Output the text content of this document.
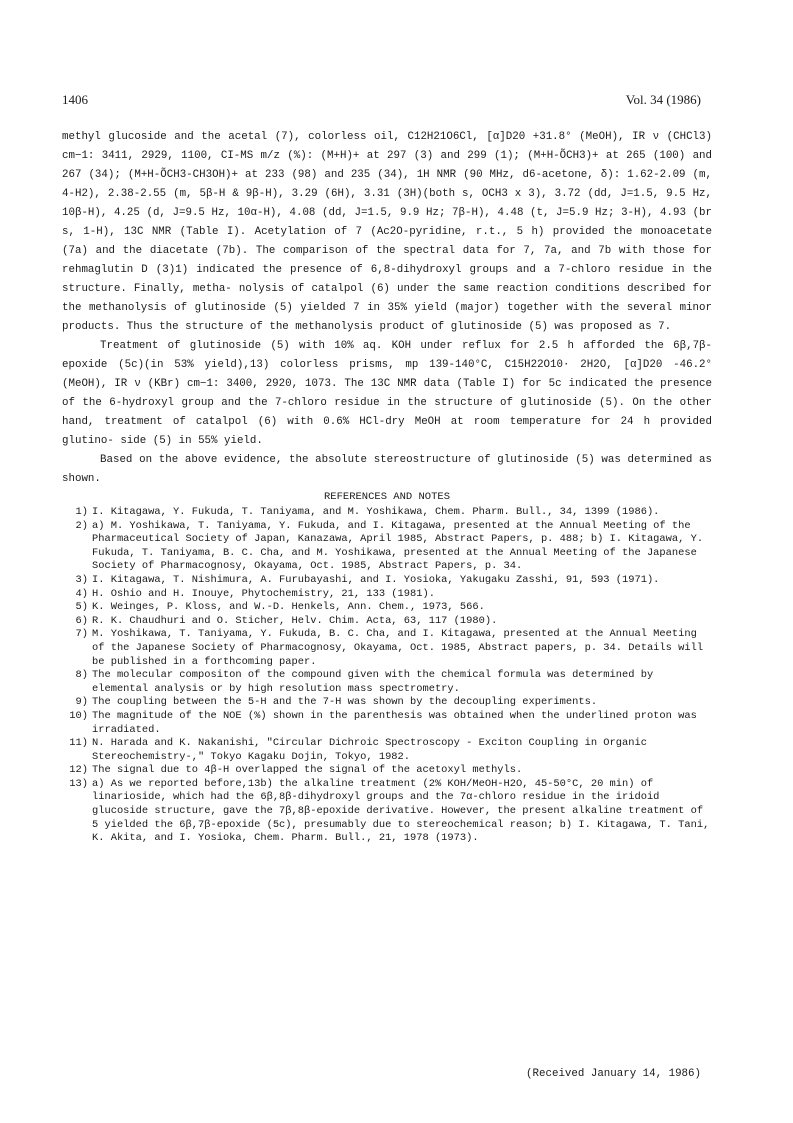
1406	Vol. 34 (1986)

methyl glucoside and the acetal (7), colorless oil, C12H21O6Cl, [α]D20 +31.8° (MeOH), IR ν (CHCl3) cm−1: 3411, 2929, 1100, CI-MS m/z (%): (M+H)+ at 297 (3) and 299 (1); (M+H-ÕCH3)+ at 265 (100) and 267 (34); (M+H-ÕCH3-CH3OH)+ at 233 (98) and 235 (34), 1H NMR (90 MHz, d6-acetone, δ): 1.62-2.09 (m, 4-H2), 2.38-2.55 (m, 5β-H & 9β-H), 3.29 (6H), 3.31 (3H)(both s, OCH3 x 3), 3.72 (dd, J=1.5, 9.5 Hz, 10β-H), 4.25 (d, J=9.5 Hz, 10α-H), 4.08 (dd, J=1.5, 9.9 Hz; 7β-H), 4.48 (t, J=5.9 Hz; 3-H), 4.93 (br s, 1-H), 13C NMR (Table I). Acetylation of 7 (Ac2O-pyridine, r.t., 5 h) provided the monoacetate (7a) and the diacetate (7b). The comparison of the spectral data for 7, 7a, and 7b with those for rehmaglutin D (3)1) indicated the presence of 6,8-dihydroxyl groups and a 7-chloro residue in the structure. Finally, metha- nolysis of catalpol (6) under the same reaction conditions described for the methanolysis of glutinoside (5) yielded 7 in 35% yield (major) together with the several minor products. Thus the structure of the methanolysis product of glutinoside (5) was proposed as 7.

Treatment of glutinoside (5) with 10% aq. KOH under reflux for 2.5 h afforded the 6β,7β-epoxide (5c)(in 53% yield),13) colorless prisms, mp 139-140°C, C15H22O10· 2H2O, [α]D20 -46.2° (MeOH), IR ν (KBr) cm−1: 3400, 2920, 1073. The 13C NMR data (Table I) for 5c indicated the presence of the 6-hydroxyl group and the 7-chloro residue in the structure of glutinoside (5). On the other hand, treatment of catalpol (6) with 0.6% HCl-dry MeOH at room temperature for 24 h provided glutino- side (5) in 55% yield.

Based on the above evidence, the absolute stereostructure of glutinoside (5) was determined as shown.

REFERENCES AND NOTES
1) I. Kitagawa, Y. Fukuda, T. Taniyama, and M. Yoshikawa, Chem. Pharm. Bull., 34, 1399 (1986).
2) a) M. Yoshikawa, T. Taniyama, Y. Fukuda, and I. Kitagawa, presented at the Annual Meeting of the Pharmaceutical Society of Japan, Kanazawa, April 1985, Abstract Papers, p. 488; b) I. Kitagawa, Y. Fukuda, T. Taniyama, B. C. Cha, and M. Yoshikawa, presented at the Annual Meeting of the Japanese Society of Pharmacognosy, Okayama, Oct. 1985, Abstract Papers, p. 34.
3) I. Kitagawa, T. Nishimura, A. Furubayashi, and I. Yosioka, Yakugaku Zasshi, 91, 593 (1971).
4) H. Oshio and H. Inouye, Phytochemistry, 21, 133 (1981).
5) K. Weinges, P. Kloss, and W.-D. Henkels, Ann. Chem., 1973, 566.
6) R. K. Chaudhuri and O. Sticher, Helv. Chim. Acta, 63, 117 (1980).
7) M. Yoshikawa, T. Taniyama, Y. Fukuda, B. C. Cha, and I. Kitagawa, presented at the Annual Meeting of the Japanese Society of Pharmacognosy, Okayama, Oct. 1985, Abstract papers, p. 34. Details will be published in a forthcoming paper.
8) The molecular compositon of the compound given with the chemical formula was determined by elemental analysis or by high resolution mass spectrometry.
9) The coupling between the 5-H and the 7-H was shown by the decoupling experiments.
10) The magnitude of the NOE (%) shown in the parenthesis was obtained when the underlined proton was irradiated.
11) N. Harada and K. Nakanishi, "Circular Dichroic Spectroscopy - Exciton Coupling in Organic Stereochemistry-," Tokyo Kagaku Dojin, Tokyo, 1982.
12) The signal due to 4β-H overlapped the signal of the acetoxyl methyls.
13) a) As we reported before,13b) the alkaline treatment (2% KOH/MeOH-H2O, 45-50°C, 20 min) of linarioside, which had the 6β,8β-dihydroxyl groups and the 7α-chloro residue in the iridoid glucoside structure, gave the 7β,8β-epoxide derivative. However, the present alkaline treatment of 5 yielded the 6β,7β-epoxide (5c), presumably due to stereochemical reason; b) I. Kitagawa, T. Tani, K. Akita, and I. Yosioka, Chem. Pharm. Bull., 21, 1978 (1973).
(Received January 14, 1986)
